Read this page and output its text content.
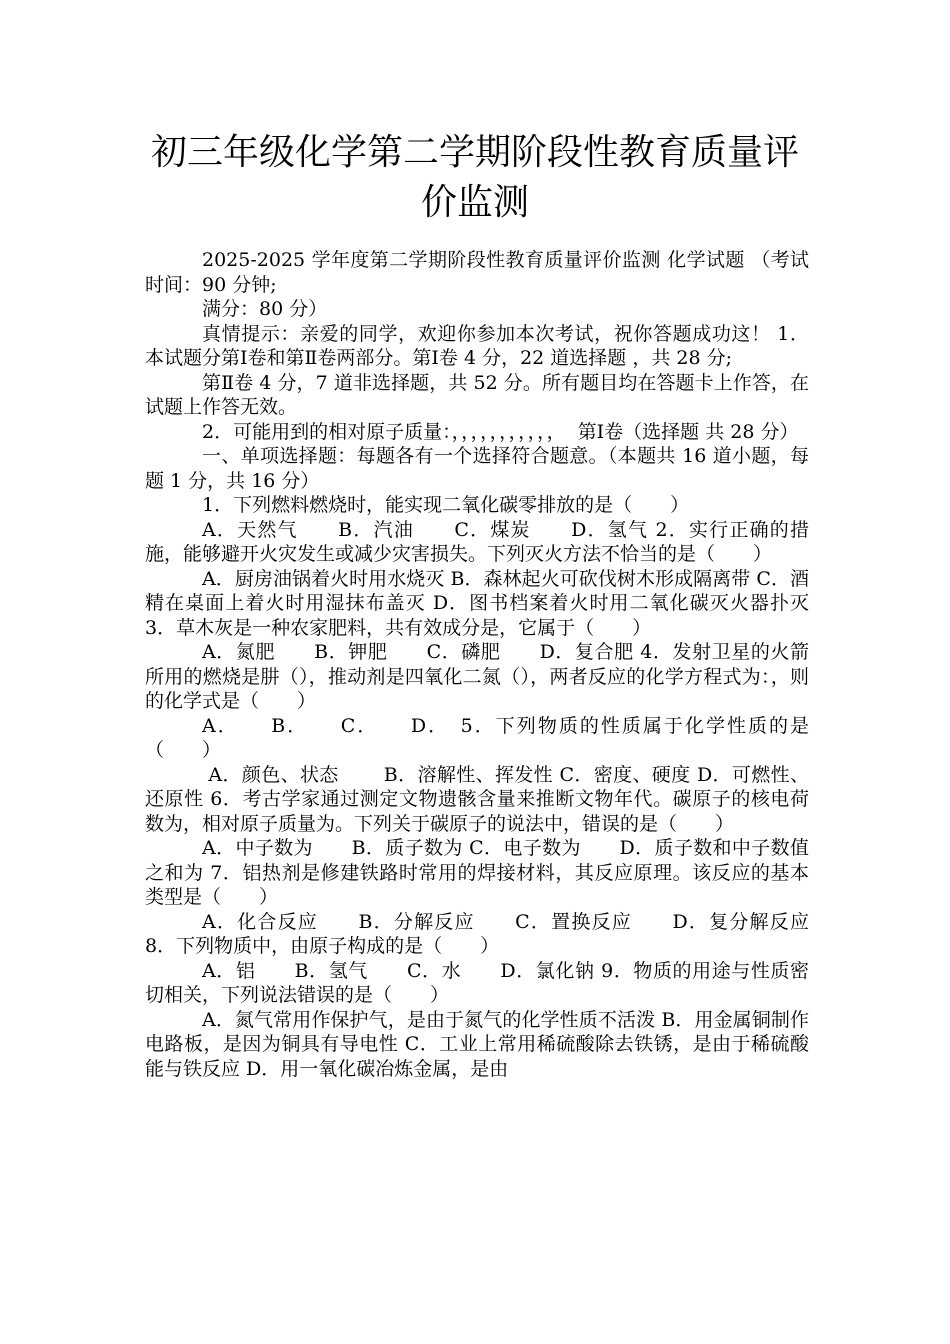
初三年级化学第二学期阶段性教育质量评
价监测

2025-2025 学年度第二学期阶段性教育质量评价监测 化学试题 （考试时间：90 分钟;

满分：80 分）

真情提示：亲爱的同学，欢迎你参加本次考试，祝你答题成功这！ 1．本试题分第Ⅰ卷和第Ⅱ卷两部分。第Ⅰ卷 4 分，22 道选择题 ，共 28 分;

第Ⅱ卷 4 分，7 道非选择题，共 52 分。所有题目均在答题卡上作答，在试题上作答无效。

2．可能用到的相对原子质量：，，，，，，，，，，，  第Ⅰ卷（选择题 共 28 分）

一、单项选择题：每题各有一个选择符合题意。（本题共 16 道小题，每题 1 分，共 16 分）

1．下列燃料燃烧时，能实现二氧化碳零排放的是（　　）

A．天然气　　B．汽油　　C．煤炭　　D．氢气 2．实行正确的措施，能够避开火灾发生或减少灾害损失。下列灭火方法不恰当的是（　　）

A．厨房油锅着火时用水烧灭 B．森林起火可砍伐树木形成隔离带 C．酒精在桌面上着火时用湿抹布盖灭 D．图书档案着火时用二氧化碳灭火器扑灭 3．草木灰是一种农家肥料，共有效成分是，它属于（　　）

A．氮肥　　B．钾肥　　C．磷肥　　D．复合肥 4．发射卫星的火箭所用的燃烧是肼（），推动剂是四氧化二氮（），两者反应的化学方程式为：，则的化学式是（　　）

A．　　B．　　C．　　D．　5．下列物质的性质属于化学性质的是（　　）

A．颜色、状态　　 B．溶解性、挥发性 C．密度、硬度 D．可燃性、还原性 6．考古学家通过测定文物遗骸含量来推断文物年代。碳原子的核电荷数为，相对原子质量为。下列关于碳原子的说法中，错误的是（　　）

A．中子数为　　B．质子数为 C．电子数为　　D．质子数和中子数值之和为 7．铝热剂是修建铁路时常用的焊接材料，其反应原理。该反应的基本类型是（　　）

A．化合反应　　B．分解反应　　C．置换反应　　D．复分解反应 8．下列物质中，由原子构成的是（　　）

A．铝　　B．氢气　　C．水　　D．氯化钠 9．物质的用途与性质密切相关，下列说法错误的是（　　）

A．氮气常用作保护气，是由于氮气的化学性质不活泼 B．用金属铜制作电路板，是因为铜具有导电性 C．工业上常用稀硫酸除去铁锈，是由于稀硫酸能与铁反应 D．用一氧化碳冶炼金属，是由
